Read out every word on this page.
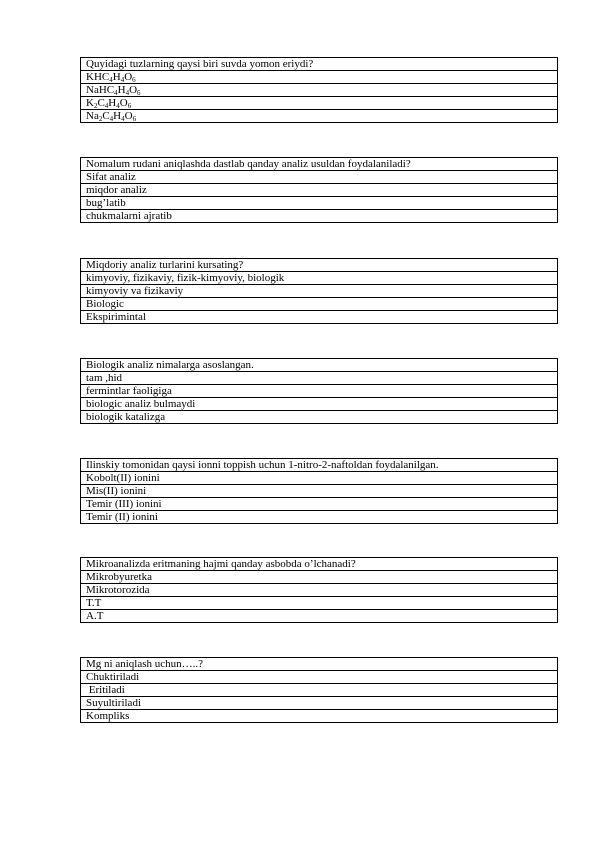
Quyidagi tuzlarning qaysi biri suvda yomon eriydi?
$KHC_4H_4O_6$
$NaHC_4H_4O_6$
$K_2C_4H_4O_6$
$Na_2C_4H_4O_6$
Nomalum rudani aniqlashda dastlab qanday analiz usuldan foydalaniladi?
Sifat analiz
miqdor analiz
bug’latib
chukmalarni ajratib
Miqdoriy analiz turlarini kursating?
kimyoviy, fizikaviy, fizik-kimyoviy, biologik
kimyoviy va fizikaviy
Biologic
Ekspirimintal
Biologik analiz nimalarga asoslangan.
tam ,hid
fermintlar faoligiga
biologic analiz bulmaydi
biologik katalizga
Ilinskiy tomonidan qaysi ionni toppish uchun 1-nitro-2-naftoldan foydalanilgan.
Kobolt(II) ionini
Mis(II) ionini
Temir (III) ionini
Temir (II) ionini
Mikroanalizda eritmaning hajmi qanday asbobda o’lchanadi?
Mikrobyuretka
Mikrotorozida
T.T
A.T
Mg ni aniqlash uchun…..?
Chuktiriladi
Eritiladi
Suyultiriladi
Kompliks
